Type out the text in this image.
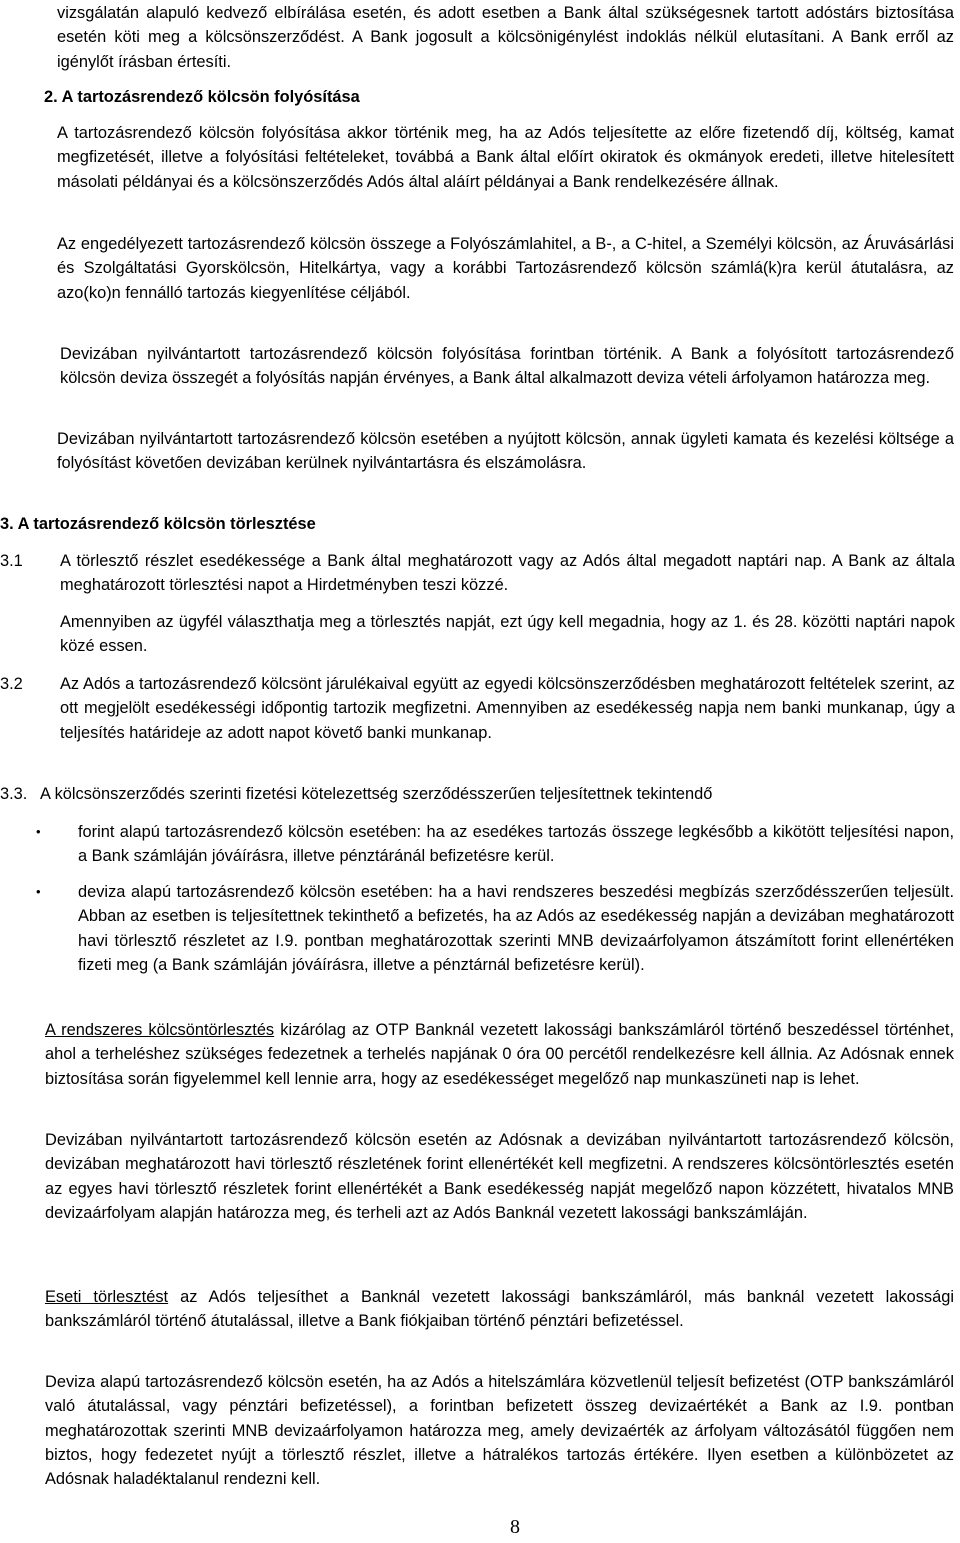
vizsgálatán alapuló kedvező elbírálása esetén, és adott esetben a Bank által szükségesnek tartott adóstárs biztosítása esetén köti meg a kölcsönszerződést. A Bank jogosult a kölcsönigénylést indoklás nélkül elutasítani. A Bank erről az igénylőt írásban értesíti.

2. A tartozásrendező kölcsön folyósítása

A tartozásrendező kölcsön folyósítása akkor történik meg, ha az Adós teljesítette az előre fizetendő díj, költség, kamat megfizetését, illetve a folyósítási feltételeket, továbbá a Bank által előírt okiratok és okmányok eredeti, illetve hitelesített másolati példányai és a kölcsönszerződés Adós által aláírt példányai a Bank rendelkezésére állnak.

Az engedélyezett tartozásrendező kölcsön összege a Folyószámlahitel, a B-, a C-hitel, a Személyi kölcsön, az Áruvásárlási és Szolgáltatási Gyorskölcsön, Hitelkártya, vagy a korábbi Tartozásrendező kölcsön számlá(k)ra kerül átutalásra, az azo(ko)n fennálló tartozás kiegyenlítése céljából.

Devizában nyilvántartott tartozásrendező kölcsön folyósítása forintban történik. A Bank a folyósított tartozásrendező kölcsön deviza összegét a folyósítás napján érvényes, a Bank által alkalmazott deviza vételi árfolyamon határozza meg.

Devizában nyilvántartott tartozásrendező kölcsön esetében a nyújtott kölcsön, annak ügyleti kamata és kezelési költsége a folyósítást követően devizában kerülnek nyilvántartásra és elszámolásra.

3. A tartozásrendező kölcsön törlesztése

3.1 A törlesztő részlet esedékessége a Bank által meghatározott vagy az Adós által megadott naptári nap. A Bank az általa meghatározott törlesztési napot a Hirdetményben teszi közzé.

Amennyiben az ügyfél választhatja meg a törlesztés napját, ezt úgy kell megadnia, hogy az 1. és 28. közötti naptári napok közé essen.

3.2 Az Adós a tartozásrendező kölcsönt járulékaival együtt az egyedi kölcsönszerződésben meghatározott feltételek szerint, az ott megjelölt esedékességi időpontig tartozik megfizetni. Amennyiben az esedékesség napja nem banki munkanap, úgy a teljesítés határideje az adott napot követő banki munkanap.

3.3. A kölcsönszerződés szerinti fizetési kötelezettség szerződésszerűen teljesítettnek tekintendő

• forint alapú tartozásrendező kölcsön esetében: ha az esedékes tartozás összege legkésőbb a kikötött teljesítési napon, a Bank számláján jóváírásra, illetve pénztáránál befizetésre kerül.

• deviza alapú tartozásrendező kölcsön esetében: ha a havi rendszeres beszedési megbízás szerződésszerűen teljesült. Abban az esetben is teljesítettnek tekinthető a befizetés, ha az Adós az esedékesség napján a devizában meghatározott havi törlesztő részletet az I.9. pontban meghatározottak szerinti MNB devizaárfolyamon átszámított forint ellenértéken fizeti meg (a Bank számláján jóváírásra, illetve a pénztárnál befizetésre kerül).

A rendszeres kölcsöntörlesztés kizárólag az OTP Banknál vezetett lakossági bankszámláról történő beszedéssel történhet, ahol a terheléshez szükséges fedezetnek a terhelés napjának 0 óra 00 percétől rendelkezésre kell állnia. Az Adósnak ennek biztosítása során figyelemmel kell lennie arra, hogy az esedékességet megelőző nap munkaszüneti nap is lehet.

Devizában nyilvántartott tartozásrendező kölcsön esetén az Adósnak a devizában nyilvántartott tartozásrendező kölcsön, devizában meghatározott havi törlesztő részletének forint ellenértékét kell megfizetni. A rendszeres kölcsöntörlesztés esetén az egyes havi törlesztő részletek forint ellenértékét a Bank esedékesség napját megelőző napon közzétett, hivatalos MNB devizaárfolyam alapján határozza meg, és terheli azt az Adós Banknál vezetett lakossági bankszámláján.

Eseti törlesztést az Adós teljesíthet a Banknál vezetett lakossági bankszámláról, más banknál vezetett lakossági bankszámláról történő átutalással, illetve a Bank fiókjaiban történő pénztári befizetéssel.

Deviza alapú tartozásrendező kölcsön esetén, ha az Adós a hitelszámlára közvetlenül teljesít befizetést (OTP bankszámláról való átutalással, vagy pénztári befizetéssel), a forintban befizetett összeg devizaértékét a Bank az I.9. pontban meghatározottak szerinti MNB devizaárfolyamon határozza meg, amely devizaérték az árfolyam változásától függően nem biztos, hogy fedezetet nyújt a törlesztő részlet, illetve a hátralékos tartozás értékére. Ilyen esetben a különbözetet az Adósnak haladéktalanul rendezni kell.

8
